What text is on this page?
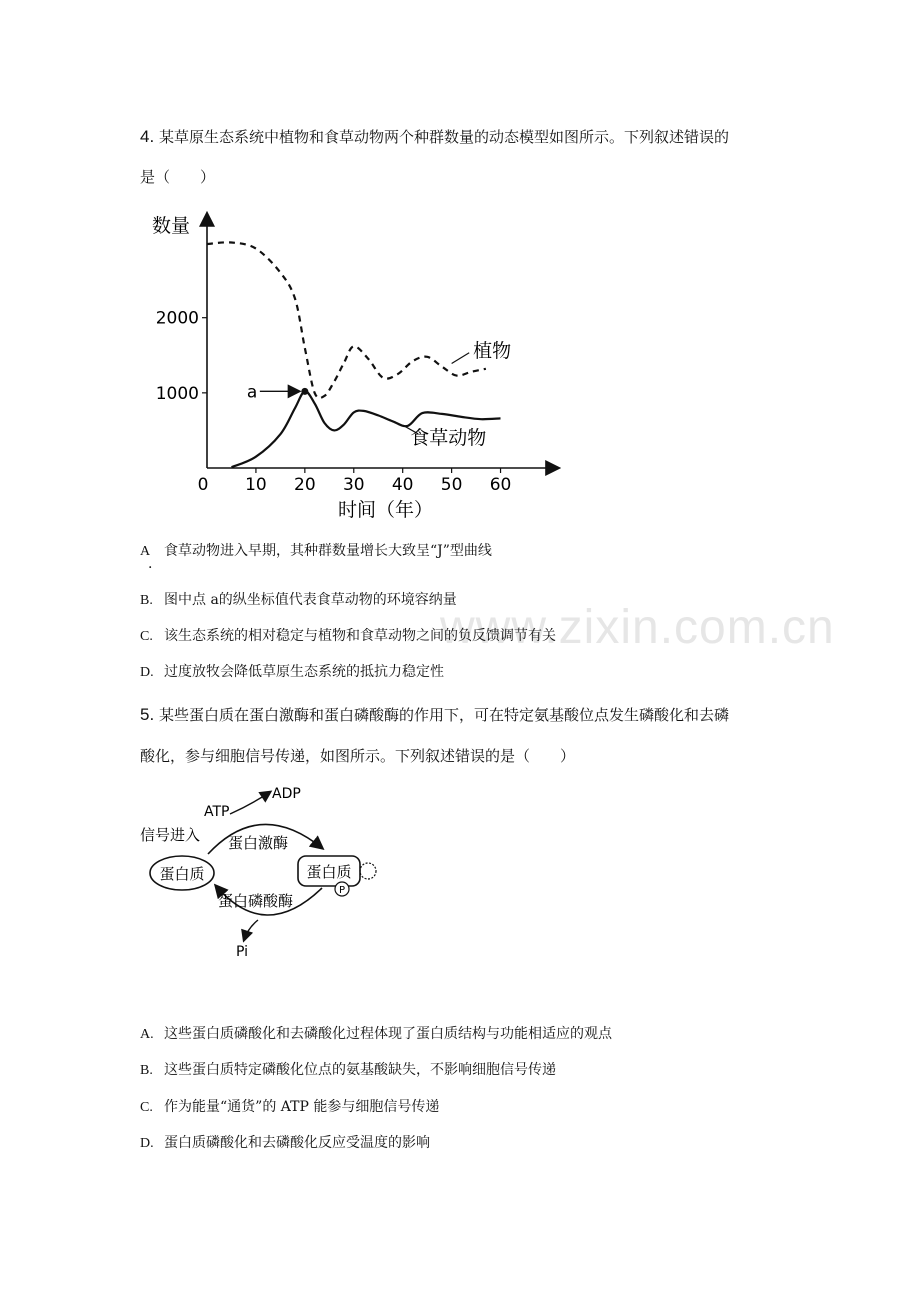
www.zixin.com.cn
4. 某草原生态系统中植物和食草动物两个种群数量的动态模型如图所示。下列叙述错误的
是（　　）
1000
2000
0 10 20 30 40 50 60
a
植物
食草动物
数量
时间（年）
A 食草动物进入早期，其种群数量增长大致呈“J”型曲线
·
B. 图中点 a的纵坐标值代表食草动物的环境容纳量
C. 该生态系统的相对稳定与植物和食草动物之间的负反馈调节有关
D. 过度放牧会降低草原生态系统的抵抗力稳定性
5. 某些蛋白质在蛋白激酶和蛋白磷酸酶的作用下，可在特定氨基酸位点发生磷酸化和去磷
酸化，参与细胞信号传递，如图所示。下列叙述错误的是（　　）
P
ATP
ADP
信号进入 蛋白激酶
蛋白质	蛋白质
蛋白磷酸酶
Pi
A. 这些蛋白质磷酸化和去磷酸化过程体现了蛋白质结构与功能相适应的观点
B. 这些蛋白质特定磷酸化位点的氨基酸缺失，不影响细胞信号传递
C. 作为能量“通货”的 ATP 能参与细胞信号传递
D. 蛋白质磷酸化和去磷酸化反应受温度的影响
